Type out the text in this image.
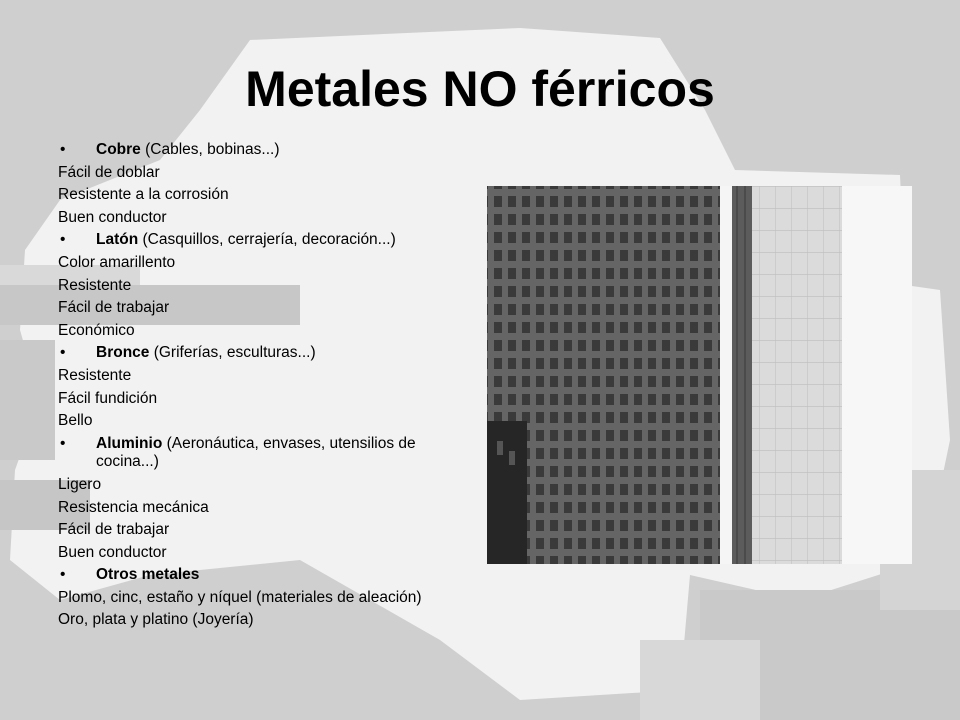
Metales NO férricos
• Cobre (Cables, bobinas...)
Fácil de doblar
Resistente a la corrosión
Buen conductor
• Latón (Casquillos, cerrajería, decoración...)
Color amarillento
Resistente
Fácil de trabajar
Económico
• Bronce (Griferías, esculturas...)
Resistente
Fácil fundición
Bello
• Aluminio (Aeronáutica, envases, utensilios de cocina...)
Ligero
Resistencia mecánica
Fácil de trabajar
Buen conductor
• Otros metales
Plomo, cinc, estaño y níquel (materiales de aleación)
Oro, plata y platino (Joyería)
